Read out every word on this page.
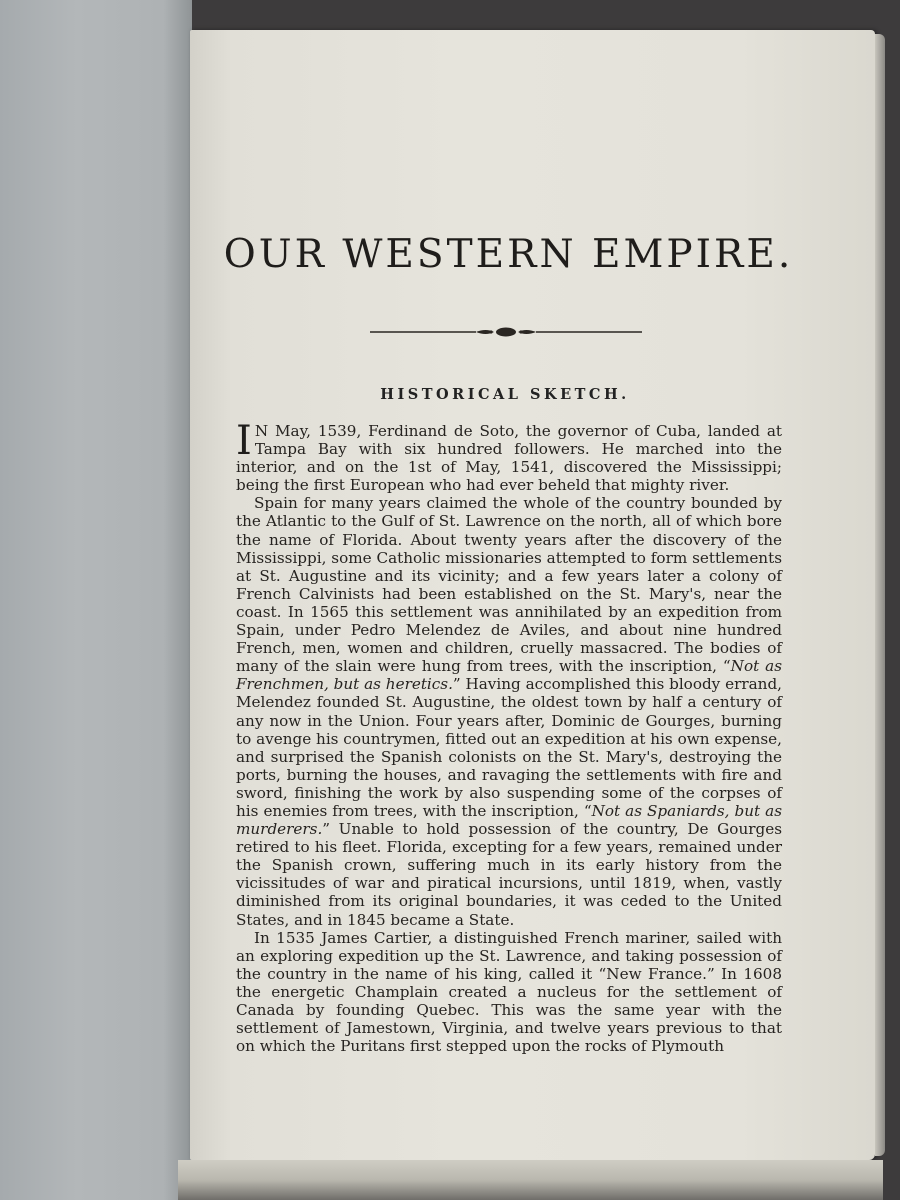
OUR WESTERN EMPIRE.
HISTORICAL SKETCH.

I N May, 1539, Ferdinand de Soto, the governor of Cuba, landed at Tampa Bay with six hundred followers. He marched into the interior, and on the 1st of May, 1541, discovered the Mississippi; being the first European who had ever beheld that mighty river.

Spain for many years claimed the whole of the country bounded by the Atlantic to the Gulf of St. Lawrence on the north, all of which bore the name of Florida. About twenty years after the discovery of the Mississippi, some Catholic missionaries attempted to form settlements at St. Augustine and its vicinity; and a few years later a colony of French Calvinists had been established on the St. Mary's, near the coast. In 1565 this settlement was annihilated by an expedition from Spain, under Pedro Melendez de Aviles, and about nine hundred French, men, women and children, cruelly massacred. The bodies of many of the slain were hung from trees, with the inscription, “Not as Frenchmen, but as heretics.” Having accomplished this bloody errand, Melendez founded St. Augustine, the oldest town by half a century of any now in the Union. Four years after, Dominic de Gourges, burning to avenge his countrymen, fitted out an expedition at his own expense, and surprised the Spanish colonists on the St. Mary's, destroying the ports, burning the houses, and ravaging the settlements with fire and sword, finishing the work by also suspending some of the corpses of his enemies from trees, with the inscription, “Not as Spaniards, but as murderers.” Unable to hold possession of the country, De Gourges retired to his fleet. Florida, excepting for a few years, remained under the Spanish crown, suffering much in its early history from the vicissitudes of war and piratical incursions, until 1819, when, vastly diminished from its original boundaries, it was ceded to the United States, and in 1845 became a State.

In 1535 James Cartier, a distinguished French mariner, sailed with an exploring expedition up the St. Lawrence, and taking possession of the country in the name of his king, called it “New France.” In 1608 the energetic Champlain created a nucleus for the settlement of Canada by founding Quebec. This was the same year with the settlement of Jamestown, Virginia, and twelve years previous to that on which the Puritans first stepped upon the rocks of Plymouth
